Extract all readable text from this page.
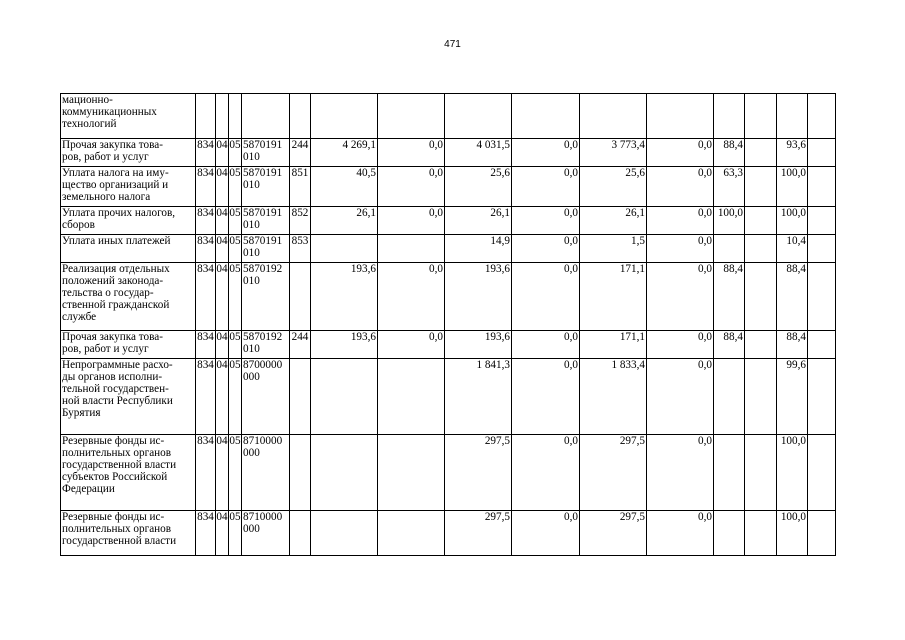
471
мационно-
коммуникационных
технологий															
Прочая закупка това-
ров, работ и услуг	834	04	05	5870191
010	244	4 269,1	0,0	4 031,5	0,0	3 773,4	0,0	88,4		93,6	
Уплата налога на иму-
щество организаций и
земельного налога	834	04	05	5870191
010	851	40,5	0,0	25,6	0,0	25,6	0,0	63,3		100,0	
Уплата прочих налогов,
сборов	834	04	05	5870191
010	852	26,1	0,0	26,1	0,0	26,1	0,0	100,0		100,0	
Уплата иных платежей	834	04	05	5870191
010	853			14,9	0,0	1,5	0,0			10,4	
Реализация отдельных
положений законода-
тельства о государ-
ственной гражданской
службе	834	04	05	5870192
010		193,6	0,0	193,6	0,0	171,1	0,0	88,4		88,4	
Прочая закупка това-
ров, работ и услуг	834	04	05	5870192
010	244	193,6	0,0	193,6	0,0	171,1	0,0	88,4		88,4	
Непрограммные расхо-
ды органов исполни-
тельной государствен-
ной власти Республики
Бурятия	834	04	05	8700000
000				1 841,3	0,0	1 833,4	0,0			99,6	
Резервные фонды ис-
полнительных органов
государственной власти
субъектов Российской
Федерации	834	04	05	8710000
000				297,5	0,0	297,5	0,0			100,0	
Резервные фонды ис-
полнительных органов
государственной власти	834	04	05	8710000
000				297,5	0,0	297,5	0,0			100,0	
